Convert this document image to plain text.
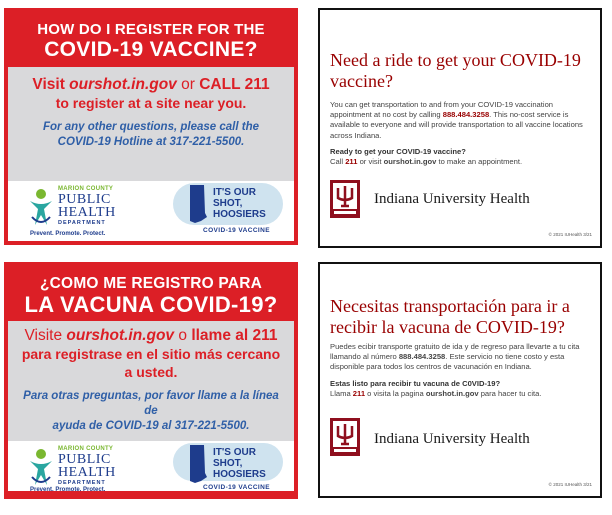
HOW DO I REGISTER FOR THE
COVID-19 VACCINE?
Visit ourshot.in.gov or CALL 211
to register at a site near you.
For any other questions, please call the
COVID-19 Hotline at 317-221-5500.
MARION COUNTY
PUBLIC
HEALTH
DEPARTMENT
Prevent. Promote. Protect.
IT'S OUR
SHOT,
HOOSIERS
COVID-19 VACCINE
¿COMO ME REGISTRO PARA
LA VACUNA COVID-19?
Visite ourshot.in.gov o llame al 211
para registrase en el sitio más cercano
a usted.
Para otras preguntas, por favor llame a la línea de
ayuda de COVID-19 al 317-221-5500.
MARION COUNTY
PUBLIC
HEALTH
DEPARTMENT
Prevent. Promote. Protect.
IT'S OUR
SHOT,
HOOSIERS
COVID-19 VACCINE
Need a ride to get your COVID-19 vaccine?
You can get transportation to and from your COVID-19 vaccination appointment at no cost by calling 888.484.3258. This no-cost service is available to everyone and will provide transportation to all vaccine locations across Indiana.
Ready to get your COVID-19 vaccine?
Call 211 or visit ourshot.in.gov to make an appointment.
Indiana University Health
© 2021 IUHealth 3/21
Necesitas transportación para ir a recibir la vacuna de COVID-19?
Puedes ecibir transporte gratuito de ida y de regreso para llevarte a tu cita llamando al número 888.484.3258. Este servicio no tiene costo y esta disponible para todos los centros de vacunación en Indiana.
Estas listo para recibir tu vacuna de C0VID-19?
Llama 211 o visita la pagina ourshot.in.gov para hacer tu cita.
Indiana University Health
© 2021 IUHealth 3/21
